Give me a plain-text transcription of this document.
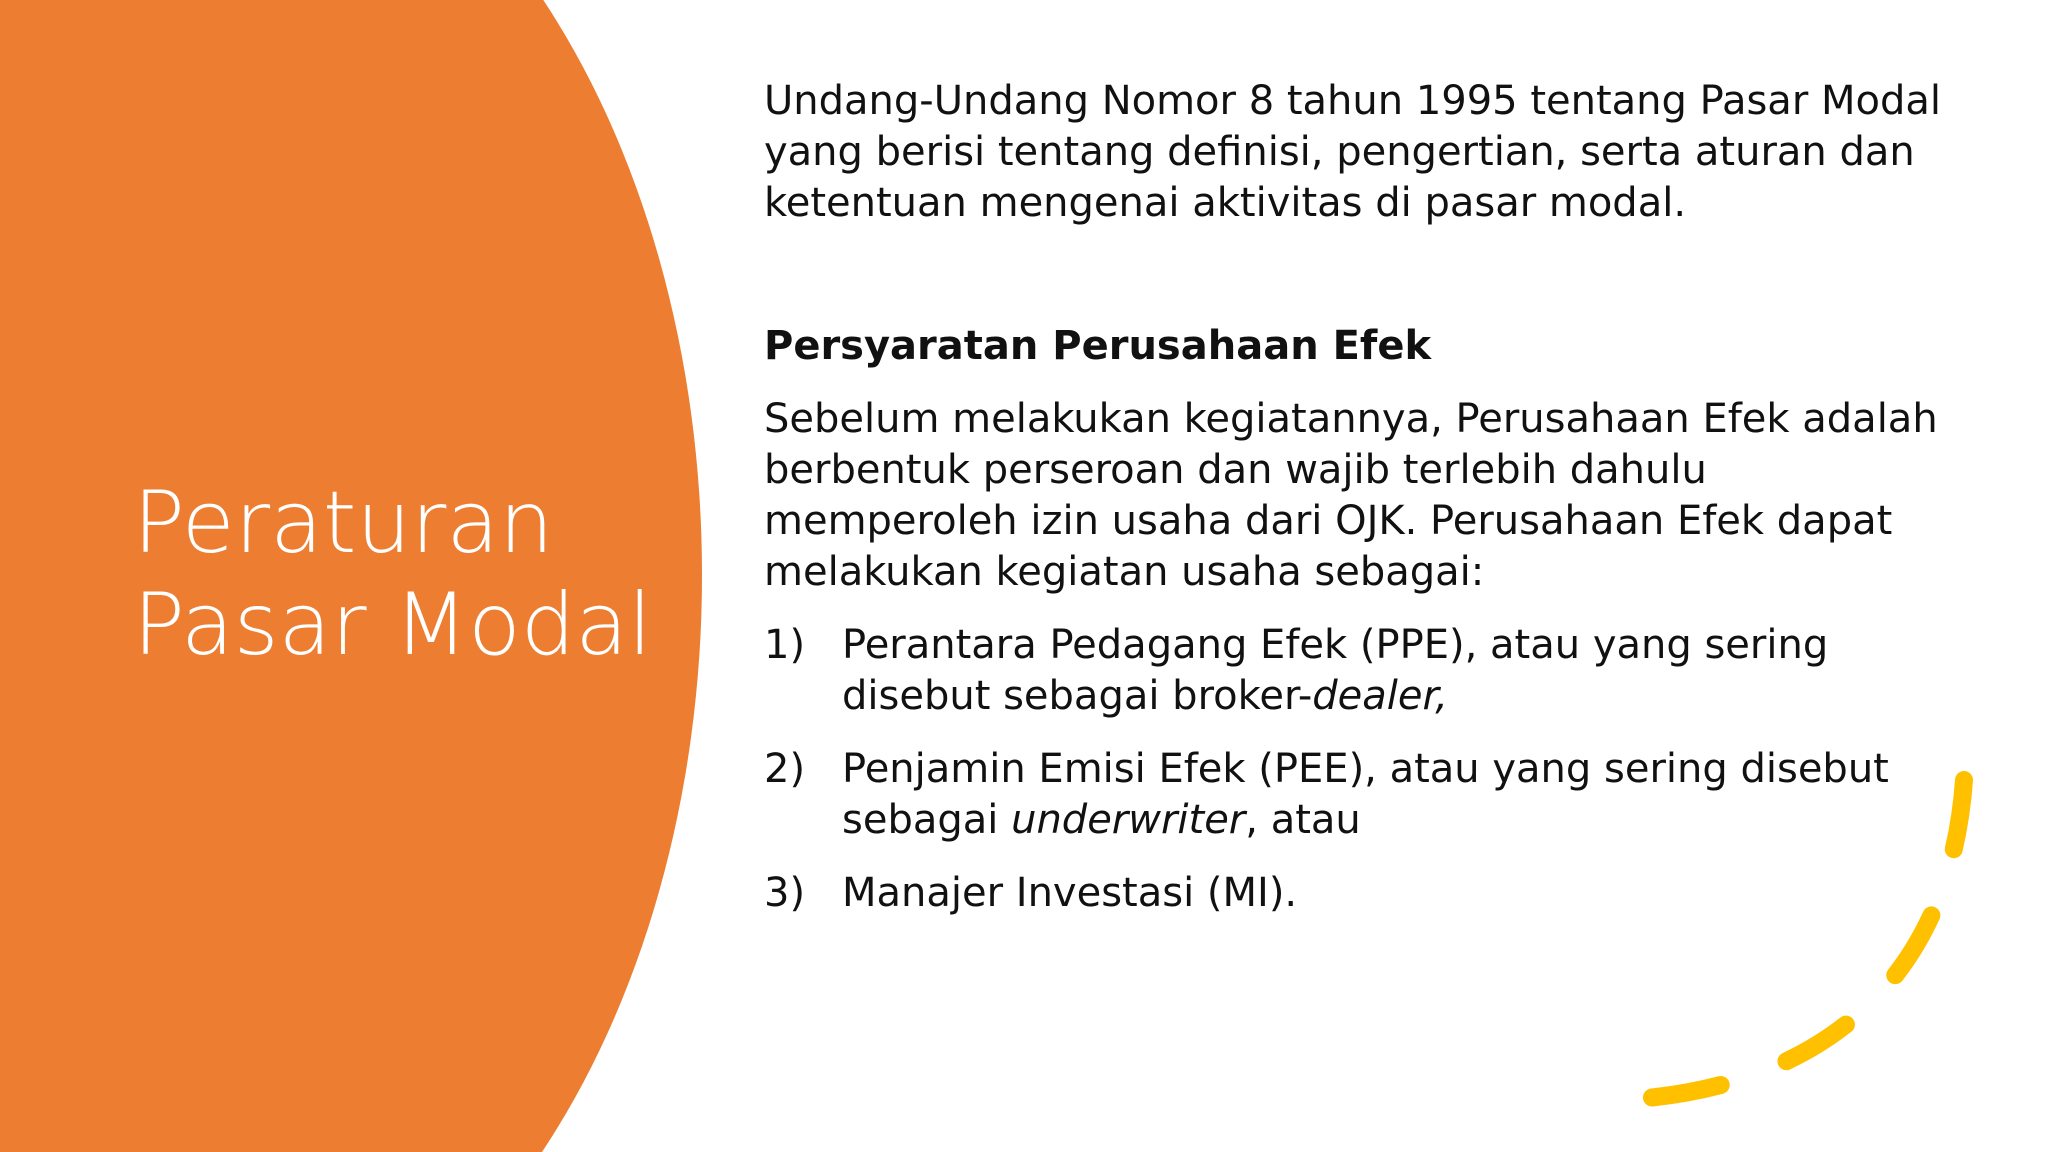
Peraturan
Pasar Modal

Undang-Undang Nomor 8 tahun 1995 tentang Pasar Modal yang berisi tentang definisi, pengertian, serta aturan dan ketentuan mengenai aktivitas di pasar modal.

Persyaratan Perusahaan Efek

Sebelum melakukan kegiatannya, Perusahaan Efek adalah berbentuk perseroan dan wajib terlebih dahulu memperoleh izin usaha dari OJK. Perusahaan Efek dapat melakukan kegiatan usaha sebagai:

1) Perantara Pedagang Efek (PPE), atau yang sering disebut sebagai broker-dealer,
2) Penjamin Emisi Efek (PEE), atau yang sering disebut sebagai underwriter, atau
3) Manajer Investasi (MI).
